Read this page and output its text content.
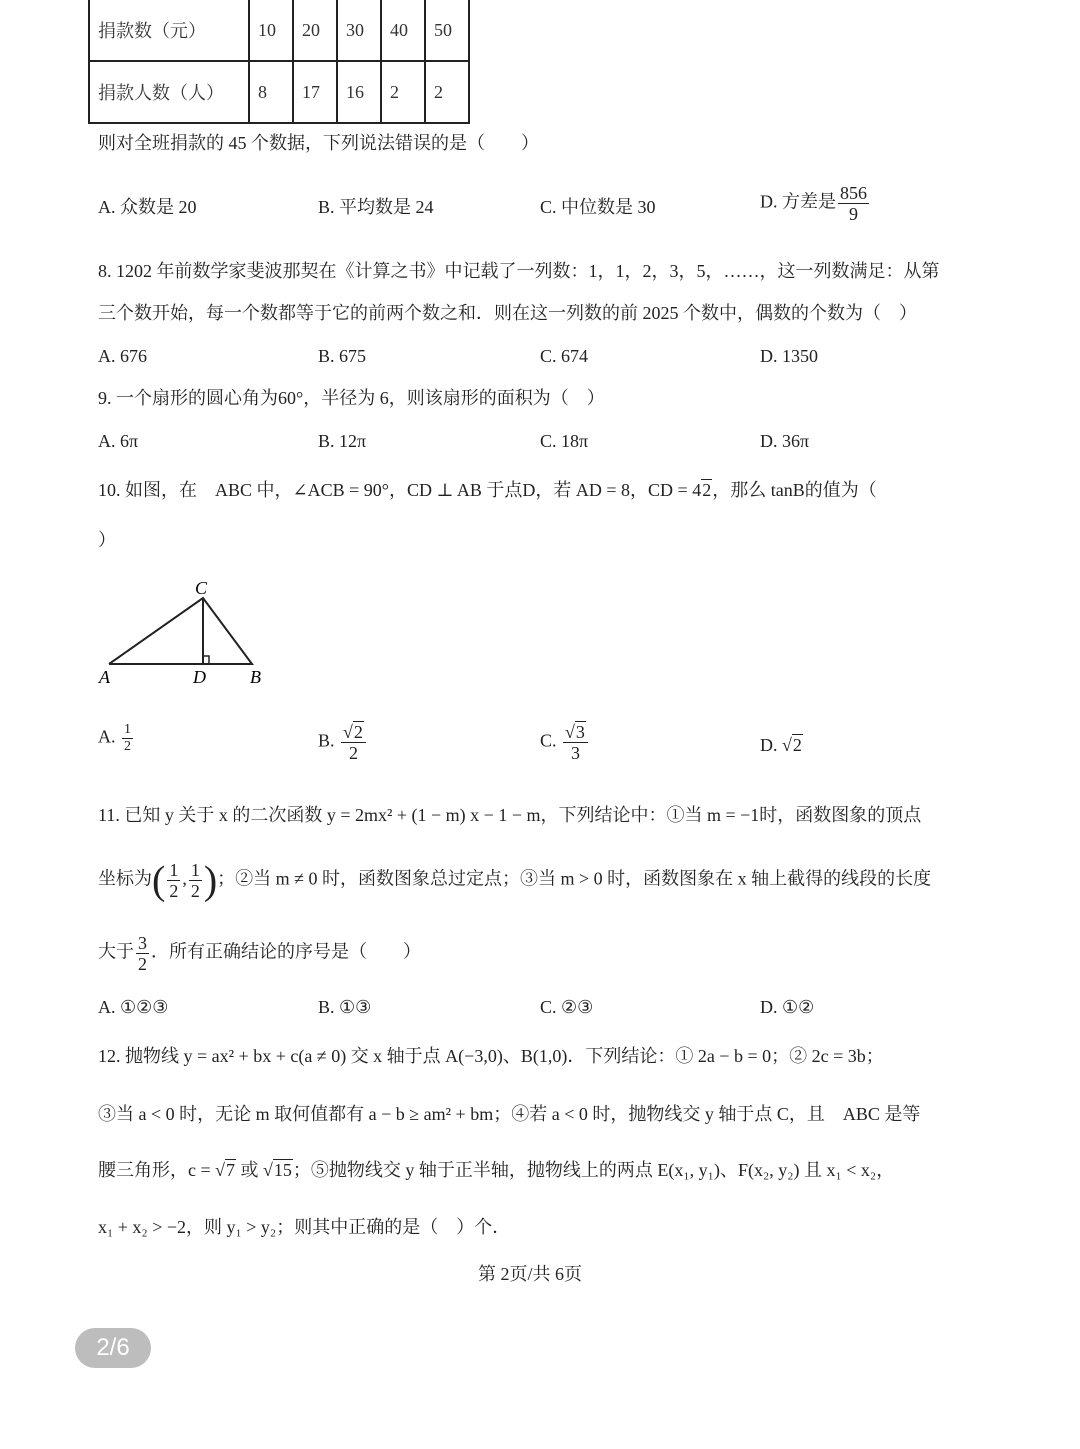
捐款数（元）	10	20	30	40	50
捐款人数（人）	8	17	16	2	2
则对全班捐款的 45 个数据，下列说法错误的是（　　）
A. 众数是 20	B. 平均数是 24	C. 中位数是 30	D. 方差是 $\frac{856}{9}$
8. 1202 年前数学家斐波那契在《计算之书》中记载了一列数：1，1，2，3，5，……，这一列数满足：从第
三个数开始，每一个数都等于它的前两个数之和．则在这一列数的前 2025 个数中，偶数的个数为（　）
A. 676	B. 675	C. 674	D. 1350
9. 一个扇形的圆心角为60°，半径为 6，则该扇形的面积为（　）
A. 6π	B. 12π	C. 18π	D. 36π
10. 如图，在　ABC 中，∠ACB = 90°，CD ⊥ AB 于点D，若 AD = 8，CD = 42，那么 tanB的值为（
）
C
A	D B
A. $\frac{1}{2}$	B. $\frac{√2}{2}$	C. $\frac{√3}{3}$	D. √2
11. 已知 y 关于 x 的二次函数 y = 2mx² + (1 − m) x − 1 − m，下列结论中：①当 m = −1时，函数图象的顶点
坐标为( $\frac{1}{2}$ , $\frac{1}{2}$ )；②当 m ≠ 0 时，函数图象总过定点；③当 m > 0 时，函数图象在 x 轴上截得的线段的长度
大于 $\frac{3}{2}$ ．所有正确结论的序号是（　　）
A. ①②③	B. ①③	C. ②③	D. ①②
12. 抛物线 y = ax² + bx + c(a ≠ 0) 交 x 轴于点 A(−3,0)、B(1,0)．下列结论：① 2a − b = 0；② 2c = 3b；
③当 a < 0 时，无论 m 取何值都有 a − b ≥ am² + bm；④若 a < 0 时，抛物线交 y 轴于点 C，且　ABC 是等
腰三角形，c = √7 或 √15；⑤抛物线交 y 轴于正半轴，抛物线上的两点 E(x₁, y₁)、F(x₂, y₂) 且 x₁ < x₂，
x₁ + x₂ > −2，则 y₁ > y₂；则其中正确的是（　）个．
第 2页/共 6页
2/6
